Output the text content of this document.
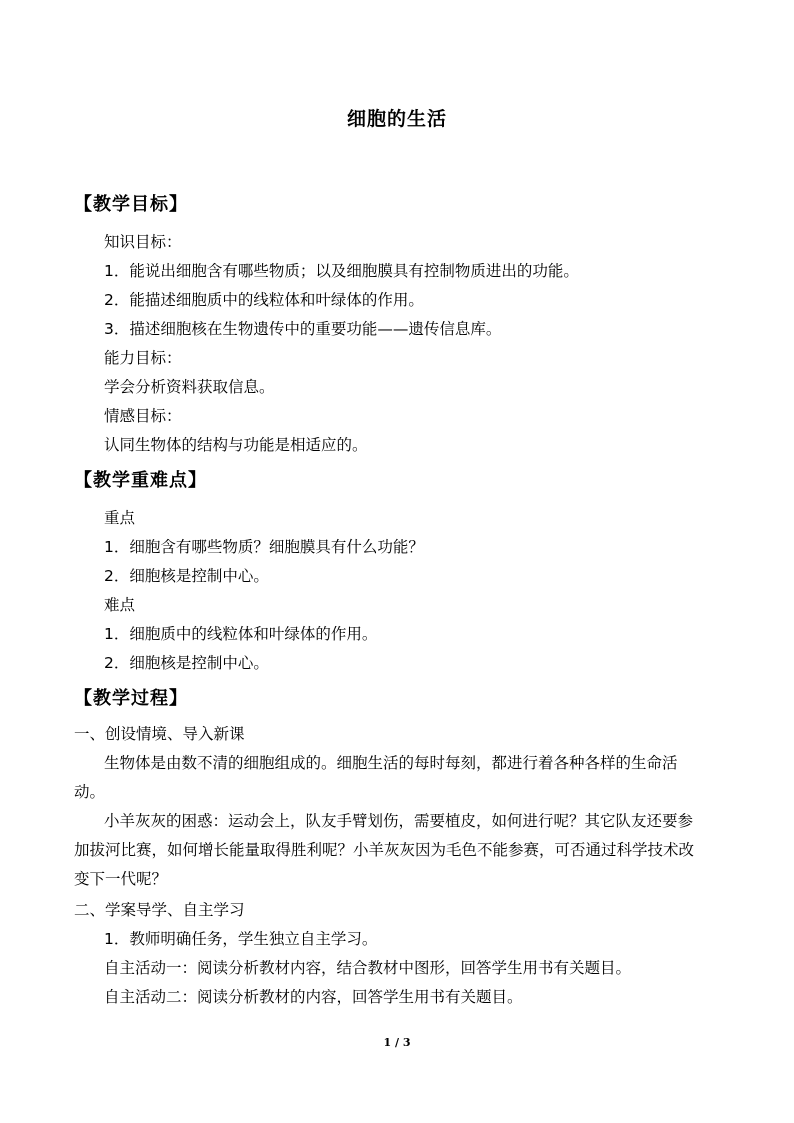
细胞的生活
【教学目标】
知识目标：
1．能说出细胞含有哪些物质；以及细胞膜具有控制物质进出的功能。
2．能描述细胞质中的线粒体和叶绿体的作用。
3．描述细胞核在生物遗传中的重要功能——遗传信息库。
能力目标：
学会分析资料获取信息。
情感目标：
认同生物体的结构与功能是相适应的。
【教学重难点】
重点
1．细胞含有哪些物质？细胞膜具有什么功能？
2．细胞核是控制中心。
难点
1．细胞质中的线粒体和叶绿体的作用。
2．细胞核是控制中心。
【教学过程】
一、创设情境、导入新课
生物体是由数不清的细胞组成的。细胞生活的每时每刻，都进行着各种各样的生命活
动。
小羊灰灰的困惑：运动会上，队友手臂划伤，需要植皮，如何进行呢？其它队友还要参
加拔河比赛，如何增长能量取得胜利呢？小羊灰灰因为毛色不能参赛，可否通过科学技术改
变下一代呢？
二、学案导学、自主学习
1．教师明确任务，学生独立自主学习。
自主活动一：阅读分析教材内容，结合教材中图形，回答学生用书有关题目。
自主活动二：阅读分析教材的内容，回答学生用书有关题目。
1 / 3
